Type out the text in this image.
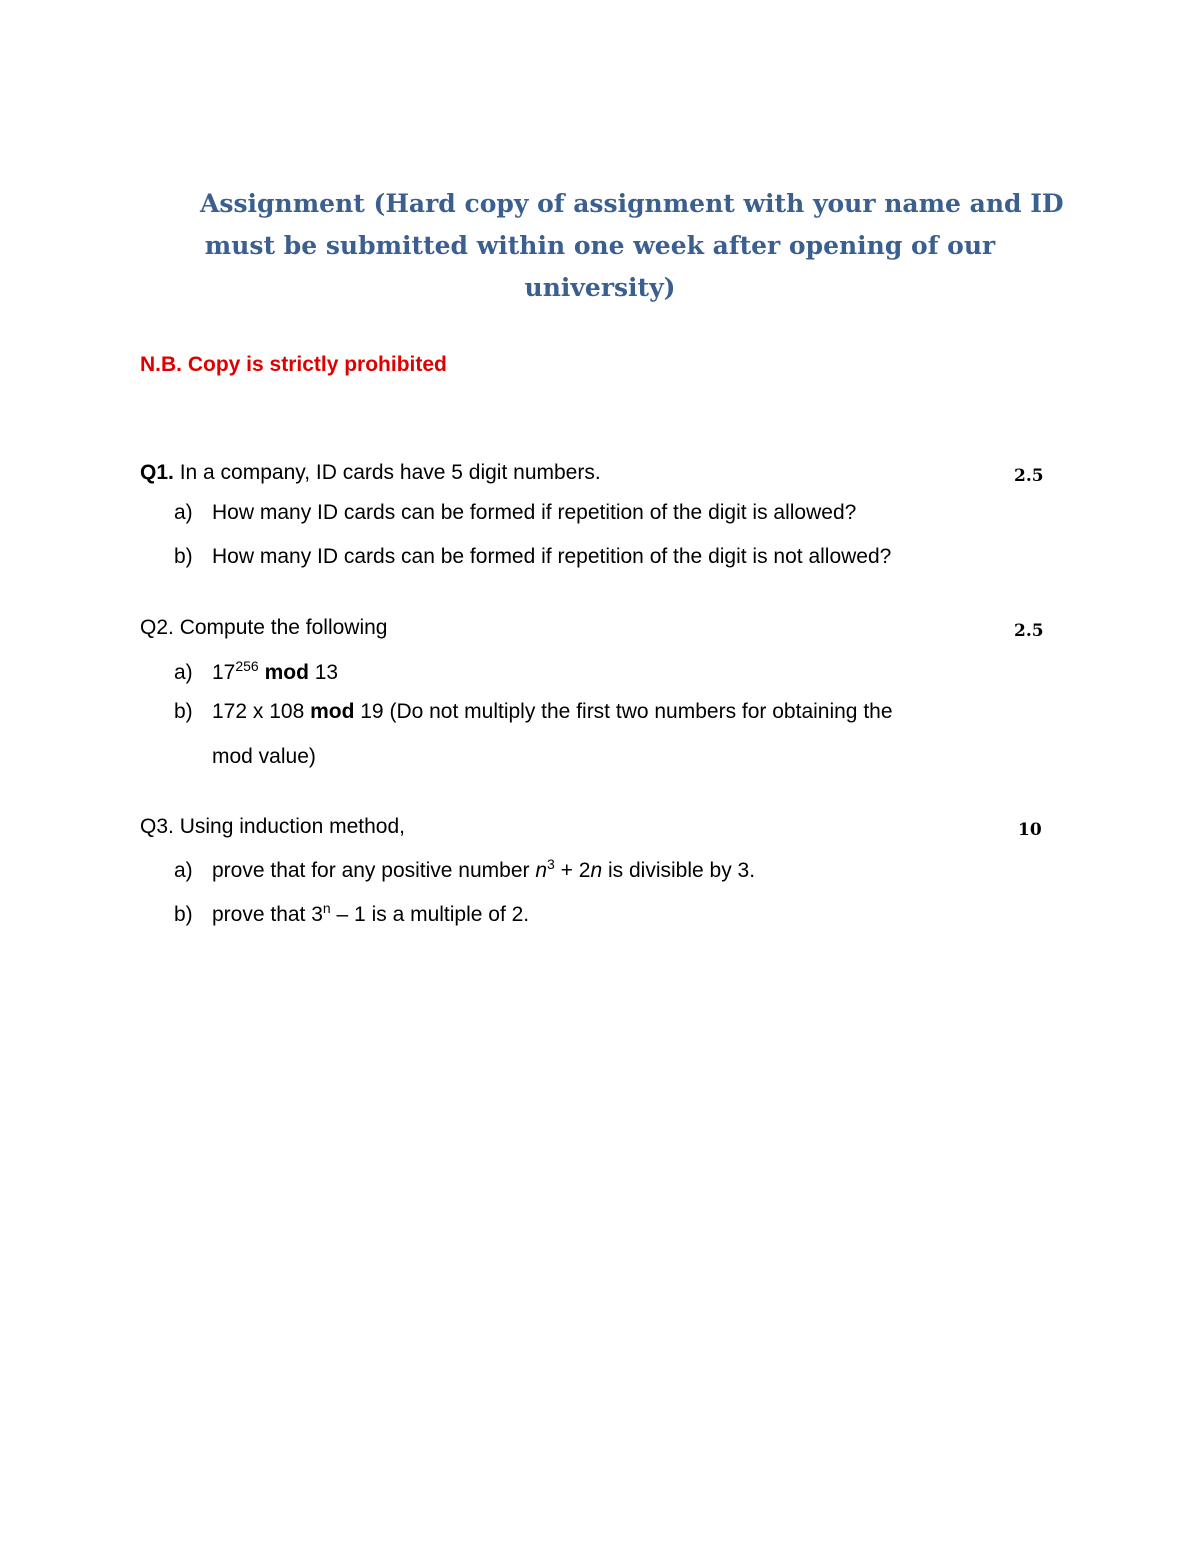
Assignment (Hard copy of assignment with your name and ID
must be submitted within one week after opening of our
university)
N.B. Copy is strictly prohibited
Q1. In a company, ID cards have 5 digit numbers.	2.5
a) How many ID cards can be formed if repetition of the digit is allowed?
b) How many ID cards can be formed if repetition of the digit is not allowed?
Q2. Compute the following	2.5
a) $17^{256}$ mod 13
b) 172 x 108 mod 19 (Do not multiply the first two numbers for obtaining the
mod value)
Q3. Using induction method,	10
a) prove that for any positive number $n^3 + 2n$ is divisible by 3.
b) prove that 3$^n$ – 1 is a multiple of 2.
